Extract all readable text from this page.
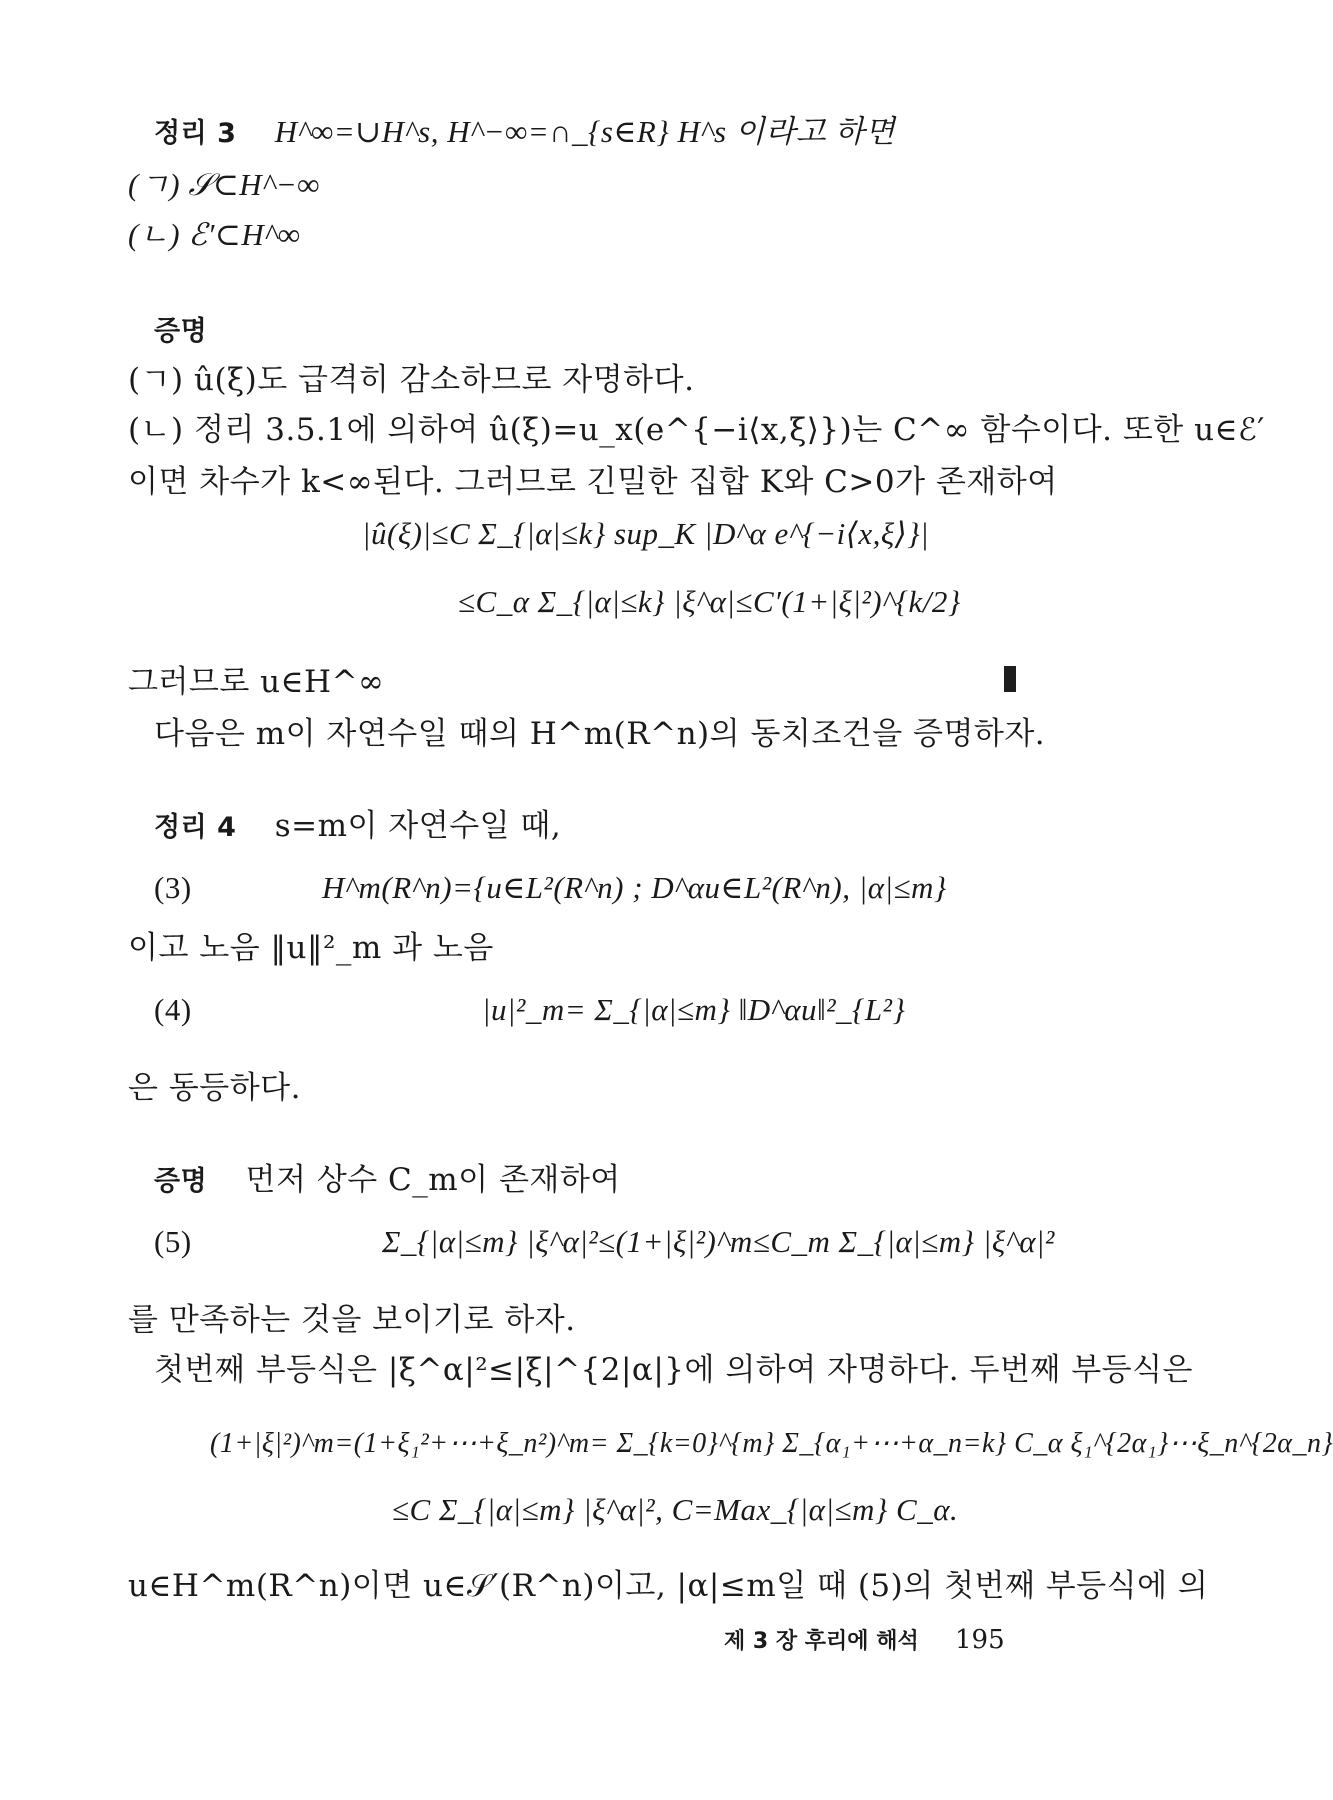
정리 3 H^∞=∪H^s, H^−∞=∩_{s∈R} H^s 이라고 하면
(ㄱ) 𝒮⊂H^−∞
(ㄴ) ℰ′⊂H^∞
증명
(ㄱ) û(ξ)도 급격히 감소하므로 자명하다.
(ㄴ) 정리 3.5.1에 의하여 û(ξ)=u_x(e^{−i⟨x,ξ⟩})는 C^∞ 함수이다. 또한 u∈ℰ′
이면 차수가 k<∞된다. 그러므로 긴밀한 집합 K와 C>0가 존재하여
|û(ξ)|≤C Σ_{|α|≤k} sup_K |D^α e^{−i⟨x,ξ⟩}|
≤C_α Σ_{|α|≤k} |ξ^α|≤C′(1+|ξ|²)^{k/2}
그러므로 u∈H^∞
다음은 m이 자연수일 때의 H^m(R^n)의 동치조건을 증명하자.
정리 4 s=m이 자연수일 때,
(3)	H^m(R^n)={u∈L²(R^n) ; D^αu∈L²(R^n), |α|≤m}
이고 노음 ‖u‖²_m 과 노음
(4)	|u|²_m= Σ_{|α|≤m} ‖D^αu‖²_{L²}
은 동등하다.
증명 먼저 상수 C_m이 존재하여
(5)	Σ_{|α|≤m} |ξ^α|²≤(1+|ξ|²)^m≤C_m Σ_{|α|≤m} |ξ^α|²
를 만족하는 것을 보이기로 하자.
첫번째 부등식은 |ξ^α|²≤|ξ|^{2|α|}에 의하여 자명하다. 두번째 부등식은
(1+|ξ|²)^m=(1+ξ₁²+⋯+ξ_n²)^m= Σ_{k=0}^{m} Σ_{α₁+⋯+α_n=k} C_α ξ₁^{2α₁}⋯ξ_n^{2α_n}
≤C Σ_{|α|≤m} |ξ^α|², C=Max_{|α|≤m} C_α.
u∈H^m(R^n)이면 u∈𝒮′(R^n)이고, |α|≤m일 때 (5)의 첫번째 부등식에 의
제 3 장 후리에 해석 195
